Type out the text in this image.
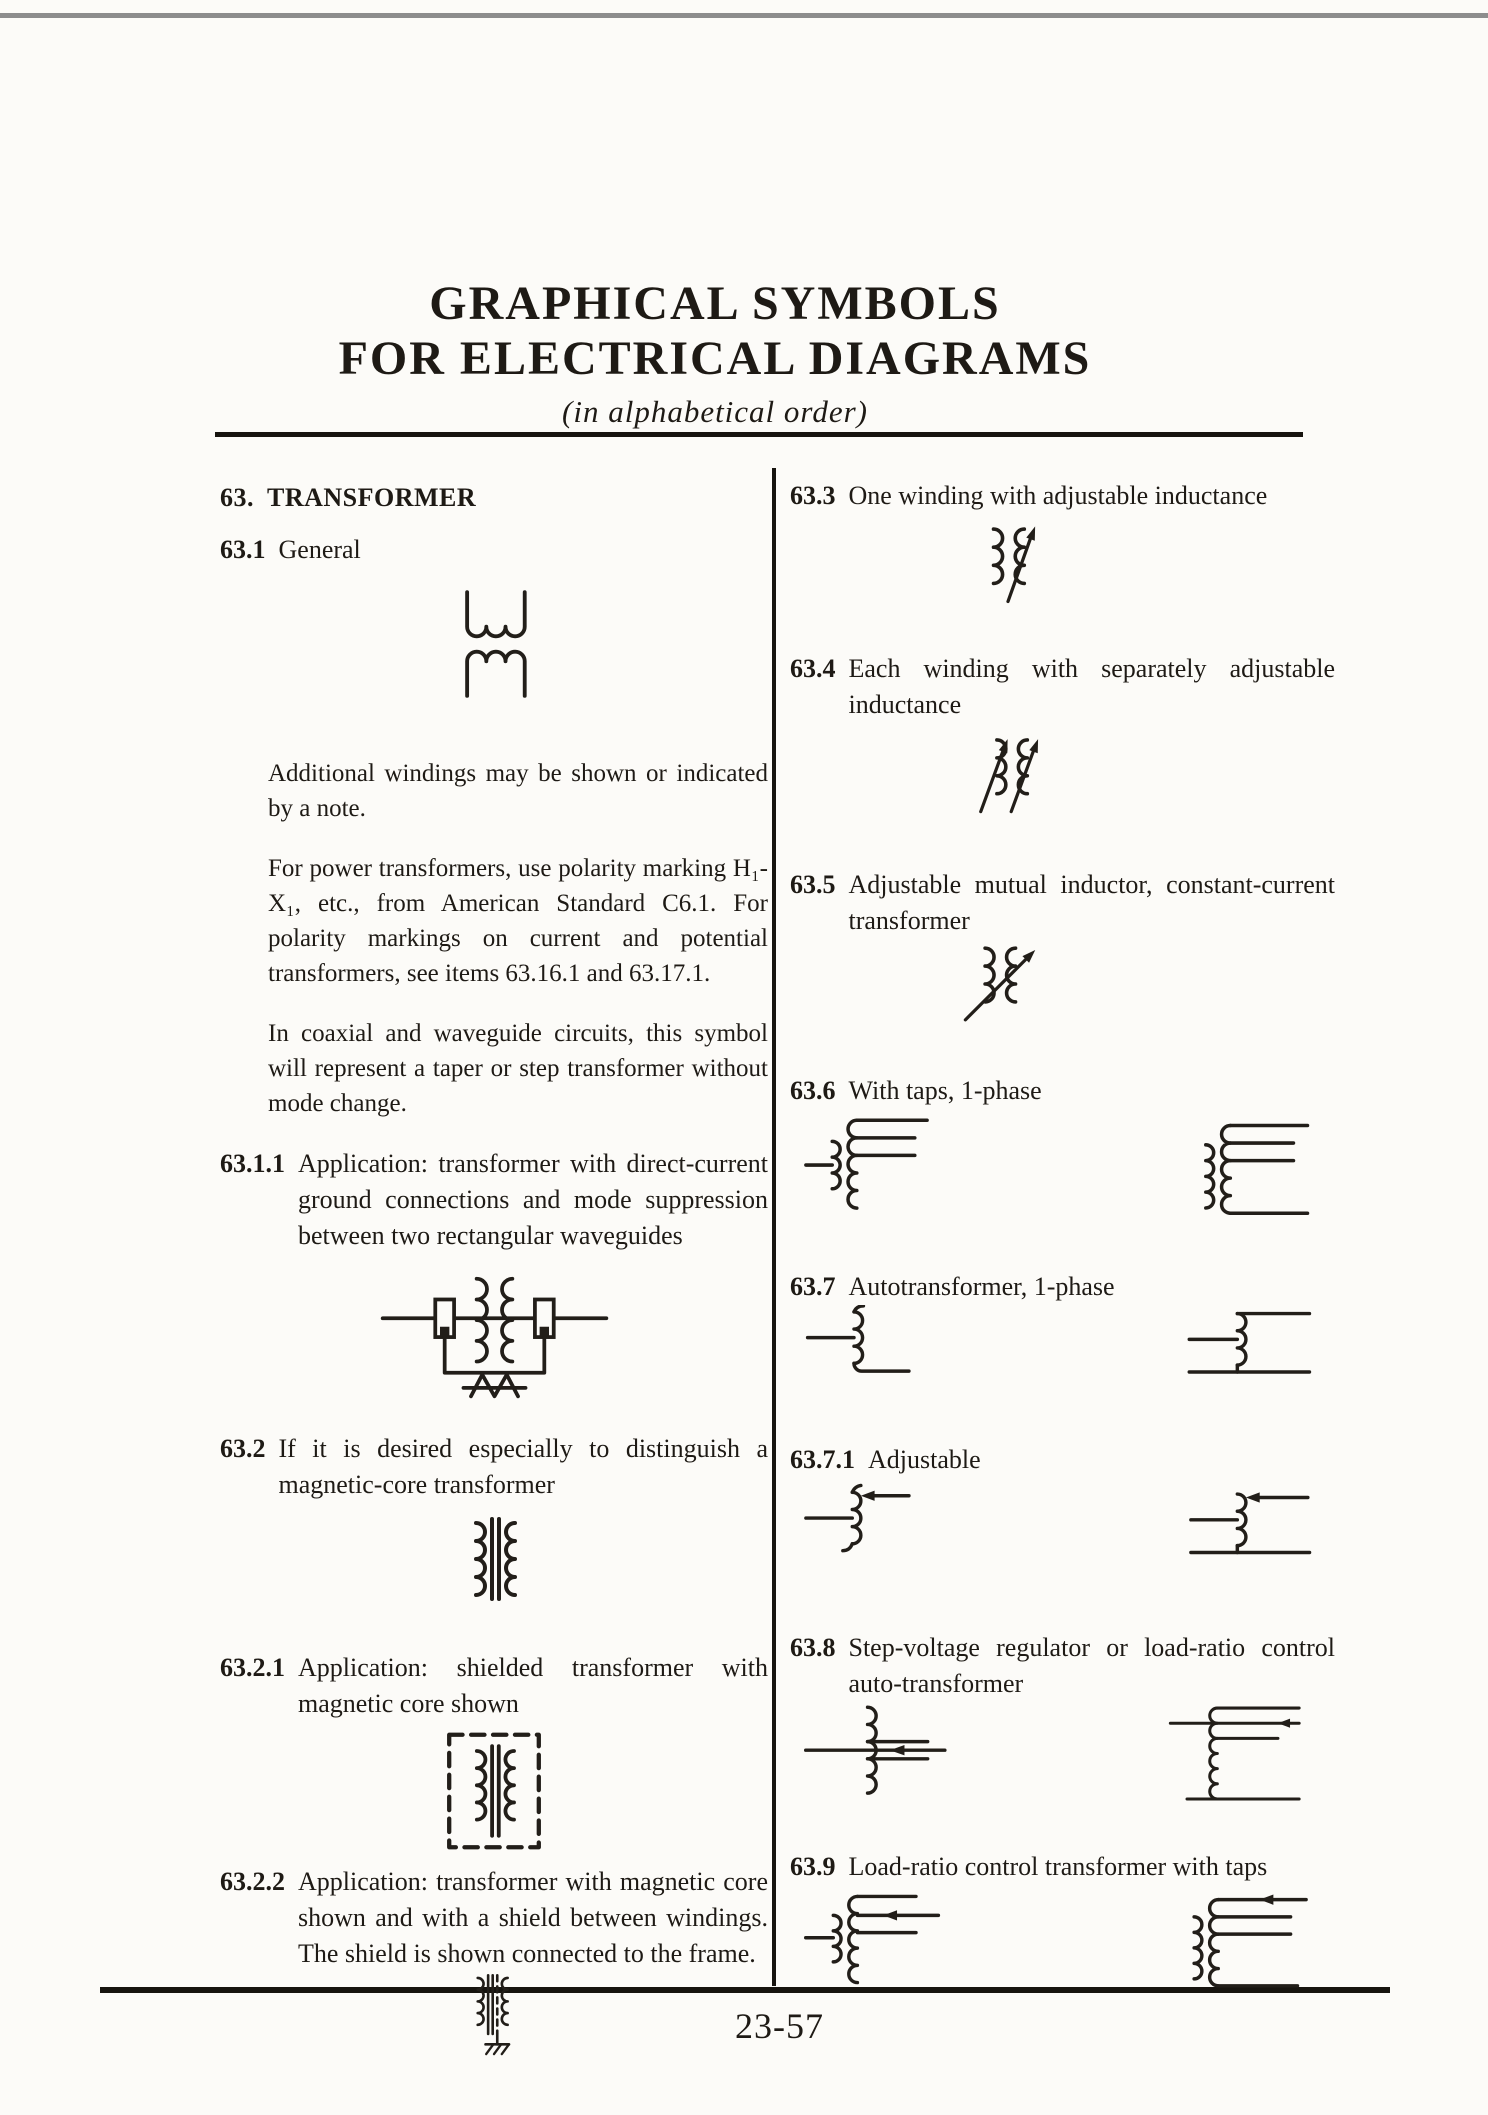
GRAPHICAL SYMBOLS
FOR ELECTRICAL DIAGRAMS
(in alphabetical order)
23-57
63. TRANSFORMER
63.1 General

Additional windings may be shown or indicated by a note.

For power transformers, use polarity marking H₁-X₁, etc., from American Standard C6.1. For polarity markings on current and potential transformers, see items 63.16.1 and 63.17.1.

In coaxial and waveguide circuits, this symbol will represent a taper or step transformer without mode change.

63.1.1 Application: transformer with direct-current ground connections and mode suppression between two rectangular waveguides
63.2 If it is desired especially to distinguish a magnetic-core transformer
63.2.1 Application: shielded transformer with magnetic core shown
63.2.2 Application: transformer with magnetic core shown and with a shield between windings. The shield is shown connected to the frame.
63.3 One winding with adjustable inductance
63.4 Each winding with separately adjustable inductance
63.5 Adjustable mutual inductor, constant-current transformer
63.6 With taps, 1-phase
63.7 Autotransformer, 1-phase
63.7.1 Adjustable
63.8 Step-voltage regulator or load-ratio control auto-transformer
63.9 Load-ratio control transformer with taps
